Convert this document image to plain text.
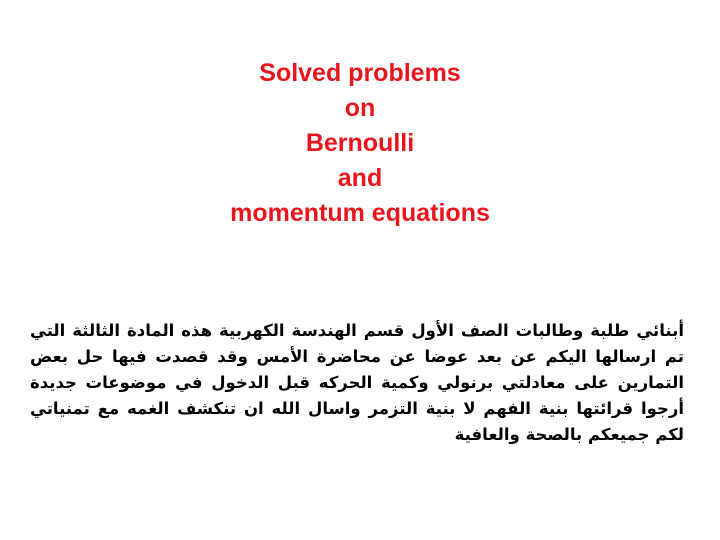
Solved problems
on
Bernoulli
and
momentum equations
أبنائي طلبة وطالبات الصف الأول قسم الهندسة الكهربية هذه المادة الثالثة التي تم ارسالها اليكم عن بعد عوضا عن محاضرة الأمس وقد قصدت فيها حل بعض التمارين على معادلتي برنولي وكمية الحركه قبل الدخول في موضوعات جديدة أرجوا قرائتها بنية الفهم لا بنية التزمر واسال الله ان تنكشف الغمه مع تمنياتي لكم جميعكم بالصحة والعافية
